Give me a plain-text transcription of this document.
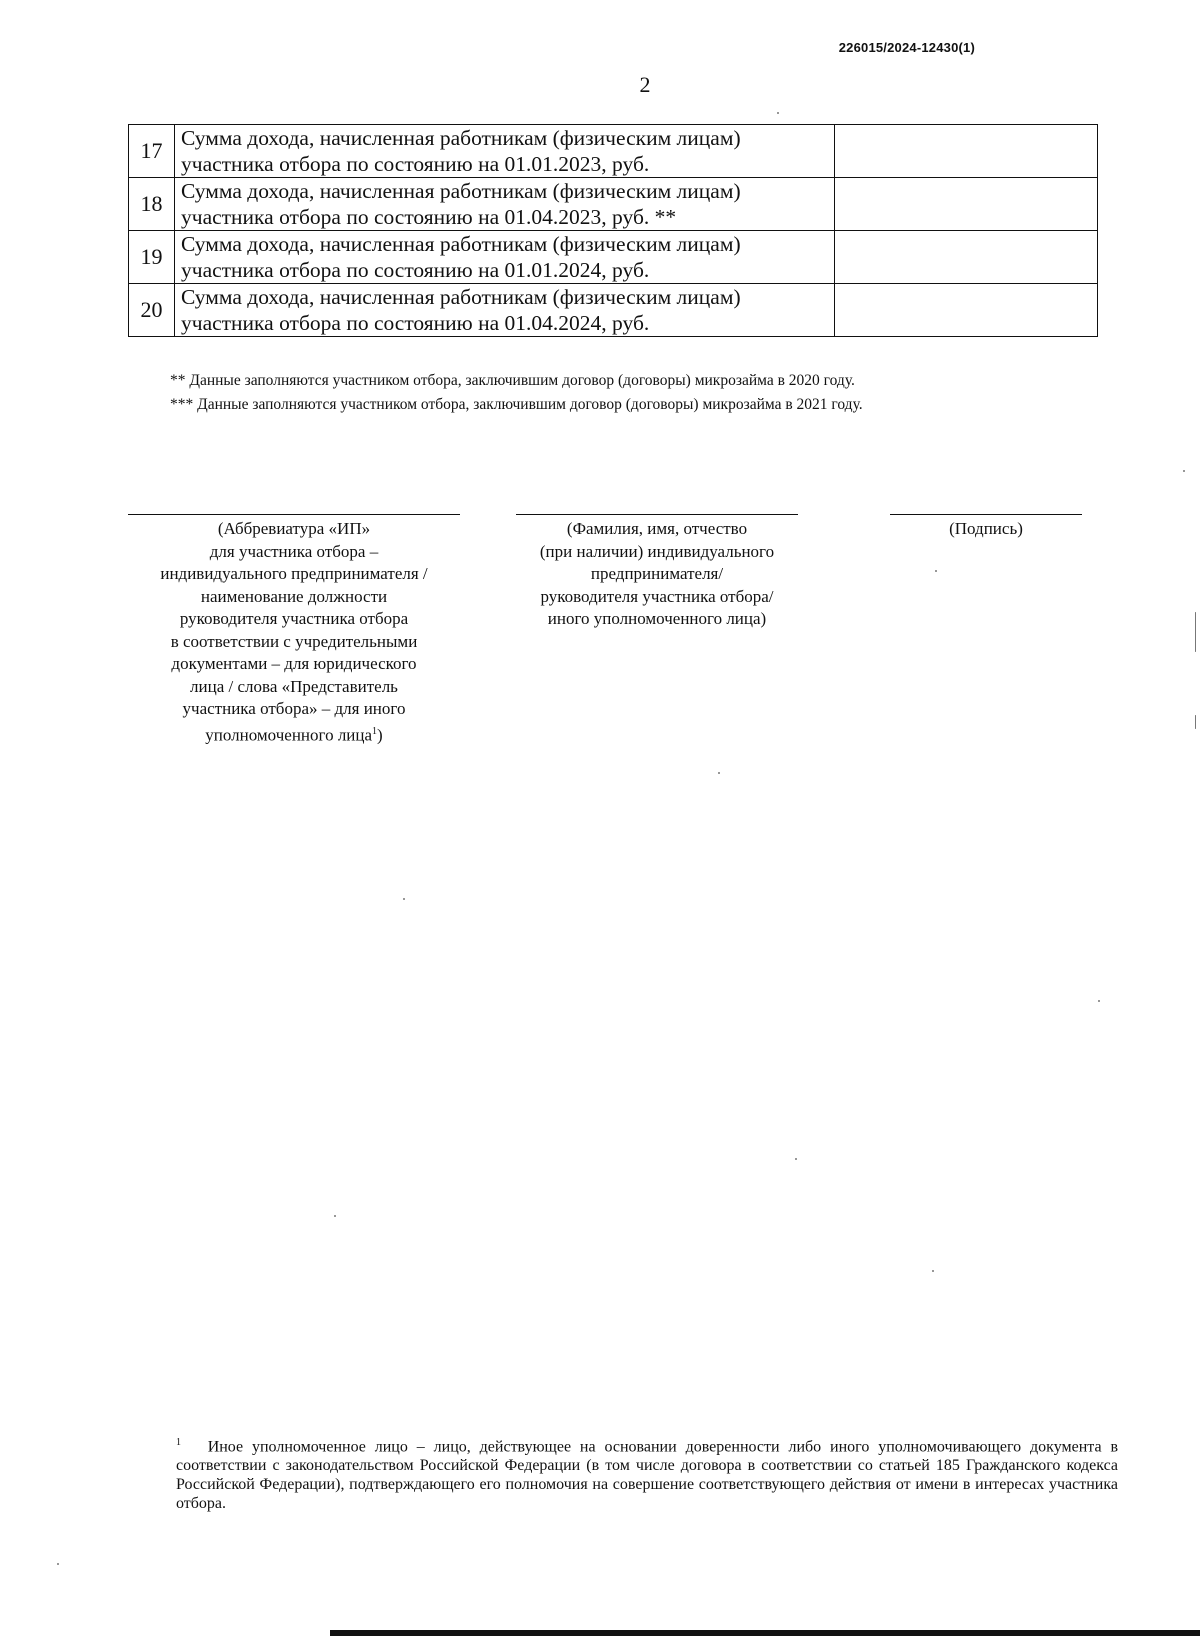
226015/2024-12430(1)
2
17	Сумма дохода, начисленная работникам (физическим лицам) участника отбора по состоянию на 01.01.2023, руб.	
18	Сумма дохода, начисленная работникам (физическим лицам) участника отбора по состоянию на 01.04.2023, руб. **	
19	Сумма дохода, начисленная работникам (физическим лицам) участника отбора по состоянию на 01.01.2024, руб.	
20	Сумма дохода, начисленная работникам (физическим лицам) участника отбора по состоянию на 01.04.2024, руб.	
** Данные заполняются участником отбора, заключившим договор (договоры) микрозайма в 2020 году.
*** Данные заполняются участником отбора, заключившим договор (договоры) микрозайма в 2021 году.
(Аббревиатура «ИП»
для участника отбора –
индивидуального предпринимателя /
наименование должности
руководителя участника отбора
в соответствии с учредительными
документами – для юридического
лица / слова «Представитель
участника отбора» – для иного
уполномоченного лица$^1$)
(Фамилия, имя, отчество
(при наличии) индивидуального
предпринимателя/
руководителя участника отбора/
иного уполномоченного лица)
(Подпись)
$^1$ Иное уполномоченное лицо – лицо, действующее на основании доверенности либо иного уполномочивающего документа в соответствии с законодательством Российской Федерации (в том числе договора в соответствии со статьей 185 Гражданского кодекса Российской Федерации), подтверждающего его полномочия на совершение соответствующего действия от имени в интересах участника отбора.
